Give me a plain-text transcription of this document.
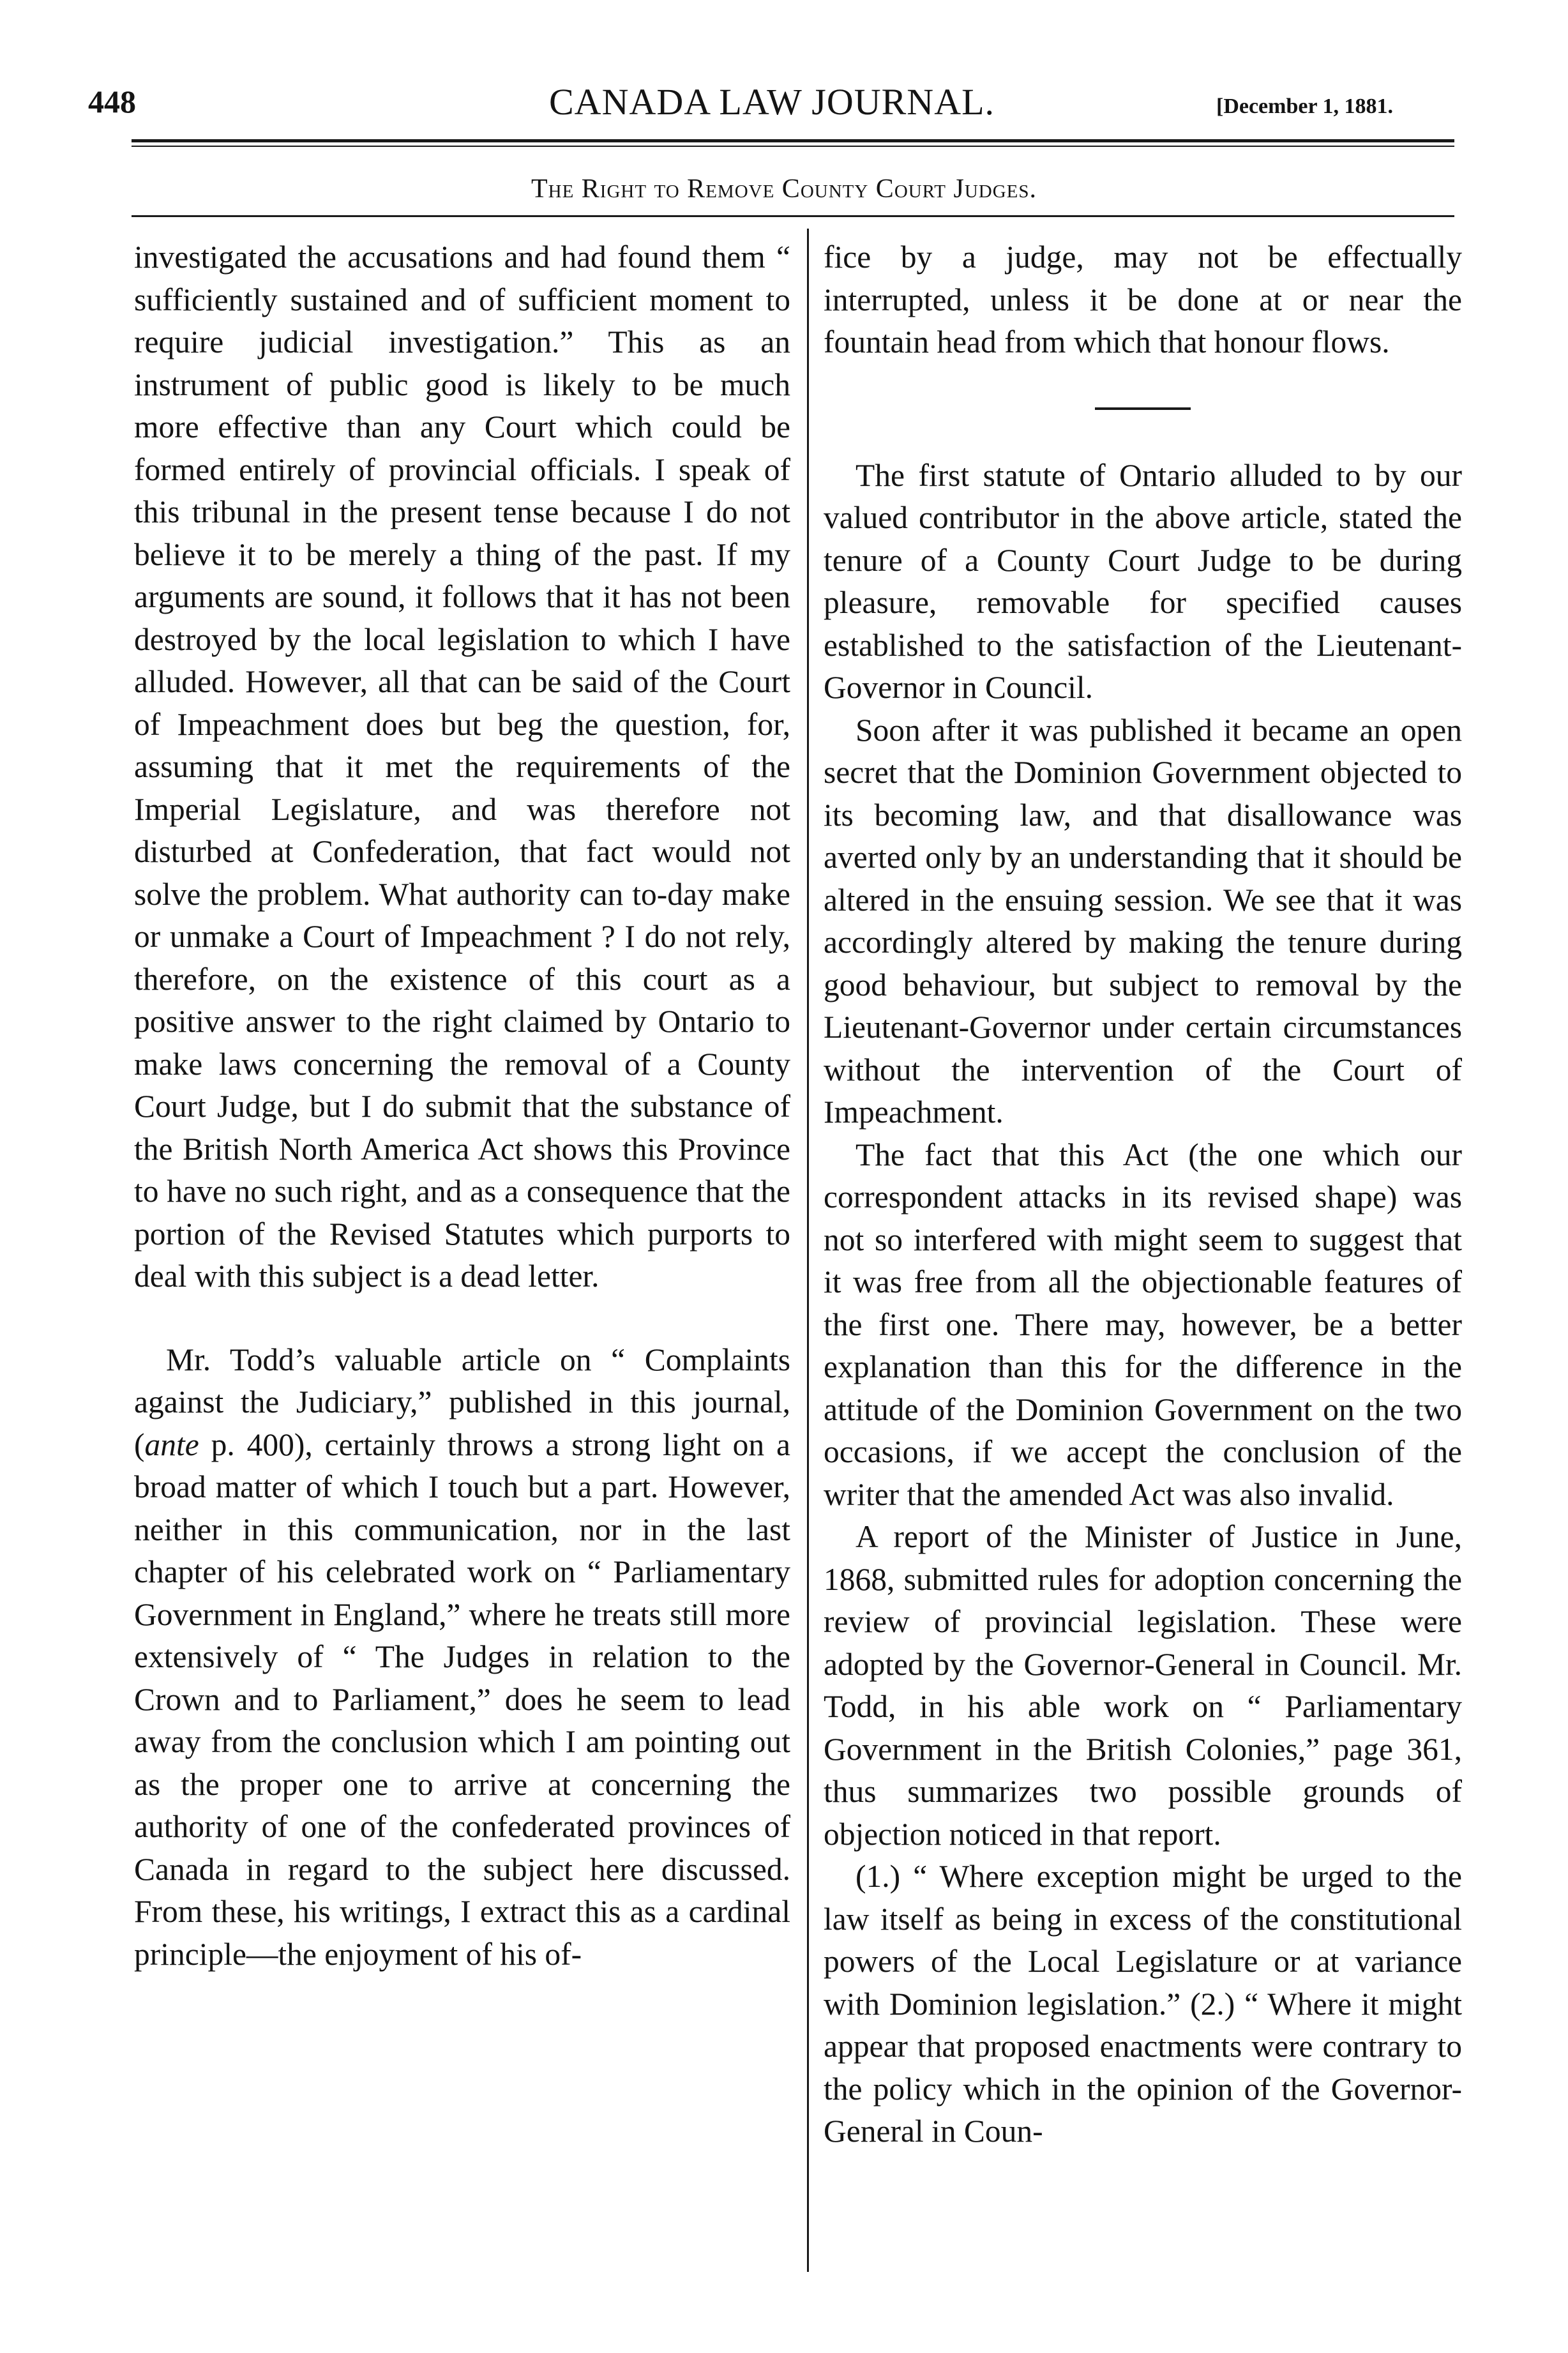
448	CANADA LAW JOURNAL.	[December 1, 1881.
The Right to Remove County Court Judges.

investigated the accusations and had found them “ sufficiently sustained and of sufficient moment to require judicial investigation.” This as an instrument of public good is likely to be much more effective than any Court which could be formed entirely of provincial officials. I speak of this tribunal in the present tense because I do not believe it to be merely a thing of the past. If my arguments are sound, it follows that it has not been destroyed by the local legislation to which I have alluded. However, all that can be said of the Court of Impeachment does but beg the question, for, assuming that it met the requirements of the Imperial Legislature, and was therefore not disturbed at Confederation, that fact would not solve the problem. What authority can to-day make or unmake a Court of Impeachment ? I do not rely, therefore, on the existence of this court as a positive answer to the right claimed by Ontario to make laws concerning the removal of a County Court Judge, but I do submit that the substance of the British North America Act shows this Province to have no such right, and as a consequence that the portion of the Revised Statutes which purports to deal with this subject is a dead letter.

Mr. Todd’s valuable article on “ Complaints against the Judiciary,” published in this journal, (ante p. 400), certainly throws a strong light on a broad matter of which I touch but a part. However, neither in this communication, nor in the last chapter of his celebrated work on “ Parliamentary Government in England,” where he treats still more extensively of “ The Judges in relation to the Crown and to Parliament,” does he seem to lead away from the conclusion which I am pointing out as the proper one to arrive at concerning the authority of one of the confederated provinces of Canada in regard to the subject here discussed. From these, his writings, I extract this as a cardinal principle—the enjoyment of his of-

fice by a judge, may not be effectually interrupted, unless it be done at or near the fountain head from which that honour flows.

The first statute of Ontario alluded to by our valued contributor in the above article, stated the tenure of a County Court Judge to be during pleasure, removable for specified causes established to the satisfaction of the Lieutenant-Governor in Council.

Soon after it was published it became an open secret that the Dominion Government objected to its becoming law, and that disallowance was averted only by an understanding that it should be altered in the ensuing session. We see that it was accordingly altered by making the tenure during good behaviour, but subject to removal by the Lieutenant-Governor under certain circumstances without the intervention of the Court of Impeachment.

The fact that this Act (the one which our correspondent attacks in its revised shape) was not so interfered with might seem to suggest that it was free from all the objectionable features of the first one. There may, however, be a better explanation than this for the difference in the attitude of the Dominion Government on the two occasions, if we accept the conclusion of the writer that the amended Act was also invalid.

A report of the Minister of Justice in June, 1868, submitted rules for adoption concerning the review of provincial legislation. These were adopted by the Governor-General in Council. Mr. Todd, in his able work on “ Parliamentary Government in the British Colonies,” page 361, thus summarizes two possible grounds of objection noticed in that report.

(1.) “ Where exception might be urged to the law itself as being in excess of the constitutional powers of the Local Legislature or at variance with Dominion legislation.” (2.) “ Where it might appear that proposed enactments were contrary to the policy which in the opinion of the Governor-General in Coun-
